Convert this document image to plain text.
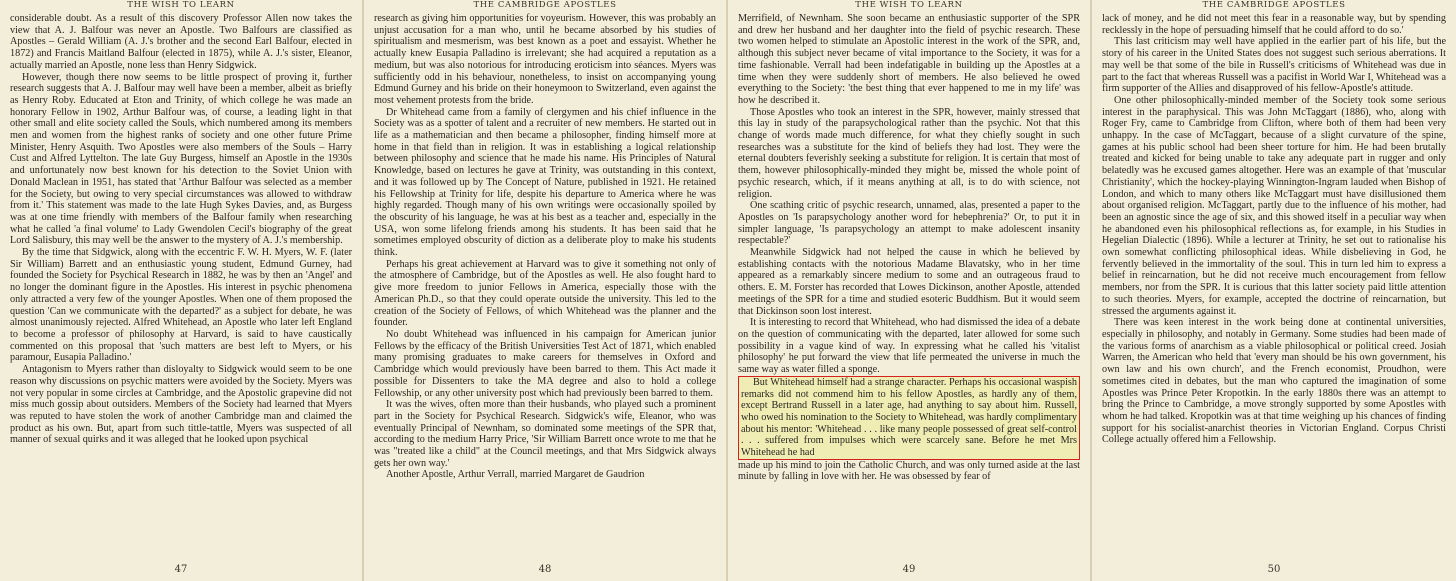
THE WISH TO LEARN

considerable doubt. As a result of this discovery Professor Allen now takes the view that A. J. Balfour was never an Apostle. Two Balfours are classified as Apostles – Gerald William (A. J.'s brother and the second Earl Balfour, elected in 1872) and Francis Maitland Balfour (elected in 1875), while A. J.'s sister, Eleanor, actually married an Apostle, none less than Henry Sidgwick.

However, though there now seems to be little prospect of proving it, further research suggests that A. J. Balfour may well have been a member, albeit as briefly as Henry Roby. Educated at Eton and Trinity, of which college he was made an honorary Fellow in 1902, Arthur Balfour was, of course, a leading light in that other small and elite society called the Souls, which numbered among its members men and women from the highest ranks of society and one other future Prime Minister, Henry Asquith. Two Apostles were also members of the Souls – Harry Cust and Alfred Lyttelton. The late Guy Burgess, himself an Apostle in the 1930s and unfortunately now best known for his detection to the Soviet Union with Donald Maclean in 1951, has stated that 'Arthur Balfour was selected as a member for the Society, but owing to very special circumstances was allowed to withdraw from it.' This statement was made to the late Hugh Sykes Davies, and, as Burgess was at one time friendly with members of the Balfour family when researching what he called 'a final volume' to Lady Gwendolen Cecil's biography of the great Lord Salisbury, this may well be the answer to the mystery of A. J.'s membership.

By the time that Sidgwick, along with the eccentric F. W. H. Myers, W. F. (later Sir William) Barrett and an enthusiastic young student, Edmund Gurney, had founded the Society for Psychical Research in 1882, he was by then an 'Angel' and no longer the dominant figure in the Apostles. His interest in psychic phenomena only attracted a very few of the younger Apostles. When one of them proposed the question 'Can we communicate with the departed?' as a subject for debate, he was almost unanimously rejected. Alfred Whitehead, an Apostle who later left England to become a professor of philosophy at Harvard, is said to have caustically commented on this proposal that 'such matters are best left to Myers, or his paramour, Eusapia Palladino.'

Antagonism to Myers rather than disloyalty to Sidgwick would seem to be one reason why discussions on psychic matters were avoided by the Society. Myers was not very popular in some circles at Cambridge, and the Apostolic grapevine did not miss much gossip about outsiders. Members of the Society had learned that Myers was reputed to have stolen the work of another Cambridge man and claimed the product as his own. But, apart from such tittle-tattle, Myers was suspected of all manner of sexual quirks and it was alleged that he looked upon psychical

47
THE CAMBRIDGE APOSTLES

research as giving him opportunities for voyeurism. However, this was probably an unjust accusation for a man who, until he became absorbed by his studies of spiritualism and mesmerism, was best known as a poet and essayist. Whether he actually knew Eusapia Palladino is irrelevant; she had acquired a reputation as a medium, but was also notorious for introducing eroticism into séances. Myers was sufficiently odd in his behaviour, nonetheless, to insist on accompanying young Edmund Gurney and his bride on their honeymoon to Switzerland, even against the most vehement protests from the bride.

Dr Whitehead came from a family of clergymen and his chief influence in the Society was as a spotter of talent and a recruiter of new members. He started out in life as a mathematician and then became a philosopher, finding himself more at home in that field than in religion. It was in establishing a logical relationship between philosophy and science that he made his name. His Principles of Natural Knowledge, based on lectures he gave at Trinity, was outstanding in this context, and it was followed up by The Concept of Nature, published in 1921. He retained his Fellowship at Trinity for life, despite his departure to America where he was highly regarded. Though many of his own writings were occasionally spoiled by the obscurity of his language, he was at his best as a teacher and, especially in the USA, won some lifelong friends among his students. It has been said that he sometimes employed obscurity of diction as a deliberate ploy to make his students think.

Perhaps his great achievement at Harvard was to give it something not only of the atmosphere of Cambridge, but of the Apostles as well. He also fought hard to give more freedom to junior Fellows in America, especially those with the American Ph.D., so that they could operate outside the university. This led to the creation of the Society of Fellows, of which Whitehead was the planner and the founder.

No doubt Whitehead was influenced in his campaign for American junior Fellows by the efficacy of the British Universities Test Act of 1871, which enabled many promising graduates to make careers for themselves in Oxford and Cambridge which would previously have been barred to them. This Act made it possible for Dissenters to take the MA degree and also to hold a college Fellowship, or any other university post which had previously been barred to them.

It was the wives, often more than their husbands, who played such a prominent part in the Society for Psychical Research. Sidgwick's wife, Eleanor, who was eventually Principal of Newnham, so dominated some meetings of the SPR that, according to the medium Harry Price, 'Sir William Barrett once wrote to me that he was "treated like a child" at the Council meetings, and that Mrs Sidgwick always gets her own way.'

Another Apostle, Arthur Verrall, married Margaret de Gaudrion

48
THE WISH TO LEARN

Merrifield, of Newnham. She soon became an enthusiastic supporter of the SPR and drew her husband and her daughter into the field of psychic research. These two women helped to stimulate an Apostolic interest in the work of the SPR, and, although this subject never became of vital importance to the Society, it was for a time fashionable. Verrall had been indefatigable in building up the Apostles at a time when they were suddenly short of members. He also believed he owed everything to the Society: 'the best thing that ever happened to me in my life' was how he described it.

Those Apostles who took an interest in the SPR, however, mainly stressed that this lay in study of the parapsychological rather than the psychic. Not that this change of words made much difference, for what they chiefly sought in such researches was a substitute for the kind of beliefs they had lost. They were the eternal doubters feverishly seeking a substitute for religion. It is certain that most of them, however philosophically-minded they might be, missed the whole point of psychic research, which, if it means anything at all, is to do with science, not religion.

One scathing critic of psychic research, unnamed, alas, presented a paper to the Apostles on 'Is parapsychology another word for hebephrenia?' Or, to put it in simpler language, 'Is parapsychology an attempt to make adolescent insanity respectable?'

Meanwhile Sidgwick had not helped the cause in which he believed by establishing contacts with the notorious Madame Blavatsky, who in her time appeared as a remarkably sincere medium to some and an outrageous fraud to others. E. M. Forster has recorded that Lowes Dickinson, another Apostle, attended meetings of the SPR for a time and studied esoteric Buddhism. But it would seem that Dickinson soon lost interest.

It is interesting to record that Whitehead, who had dismissed the idea of a debate on the question of communicating with the departed, later allowed for some such possibility in a vague kind of way. In expressing what he called his 'vitalist philosophy' he put forward the view that life permeated the universe in much the same way as water filled a sponge.

But Whitehead himself had a strange character. Perhaps his occasional waspish remarks did not commend him to his fellow Apostles, as hardly any of them, except Bertrand Russell in a later age, had anything to say about him. Russell, who owed his nomination to the Society to Whitehead, was hardly complimentary about his mentor: 'Whitehead . . . like many people possessed of great self-control . . . suffered from impulses which were scarcely sane. Before he met Mrs Whitehead he had

made up his mind to join the Catholic Church, and was only turned aside at the last minute by falling in love with her. He was obsessed by fear of

49
THE CAMBRIDGE APOSTLES

lack of money, and he did not meet this fear in a reasonable way, but by spending recklessly in the hope of persuading himself that he could afford to do so.'

This last criticism may well have applied in the earlier part of his life, but the story of his career in the United States does not suggest such serious aberrations. It may well be that some of the bile in Russell's criticisms of Whitehead was due in part to the fact that whereas Russell was a pacifist in World War I, Whitehead was a firm supporter of the Allies and disapproved of his fellow-Apostle's attitude.

One other philosophically-minded member of the Society took some serious interest in the paraphysical. This was John McTaggart (1886), who, along with Roger Fry, came to Cambridge from Clifton, where both of them had been very unhappy. In the case of McTaggart, because of a slight curvature of the spine, games at his public school had been sheer torture for him. He had been brutally treated and kicked for being unable to take any adequate part in rugger and only belatedly was he excused games altogether. Here was an example of that 'muscular Christianity', which the hockey-playing Winnington-Ingram lauded when Bishop of London, and which to many others like McTaggart must have disillusioned them about organised religion. McTaggart, partly due to the influence of his mother, had been an agnostic since the age of six, and this showed itself in a peculiar way when he abandoned even his philosophical reflections as, for example, in his Studies in Hegelian Dialectic (1896). While a lecturer at Trinity, he set out to rationalise his own somewhat conflicting philosophical ideas. While disbelieving in God, he fervently believed in the immortality of the soul. This in turn led him to express a belief in reincarnation, but he did not receive much encouragement from fellow members, nor from the SPR. It is curious that this latter society paid little attention to such theories. Myers, for example, accepted the doctrine of reincarnation, but stressed the arguments against it.

There was keen interest in the work being done at continental universities, especially in philosophy, and notably in Germany. Some studies had been made of the various forms of anarchism as a viable philosophical or political creed. Josiah Warren, the American who held that 'every man should be his own government, his own law and his own church', and the French economist, Proudhon, were sometimes cited in debates, but the man who captured the imagination of some Apostles was Prince Peter Kropotkin. In the early 1880s there was an attempt to bring the Prince to Cambridge, a move strongly supported by some Apostles with whom he had talked. Kropotkin was at that time weighing up his chances of finding support for his socialist-anarchist theories in Victorian England. Corpus Christi College actually offered him a Fellowship.

50
